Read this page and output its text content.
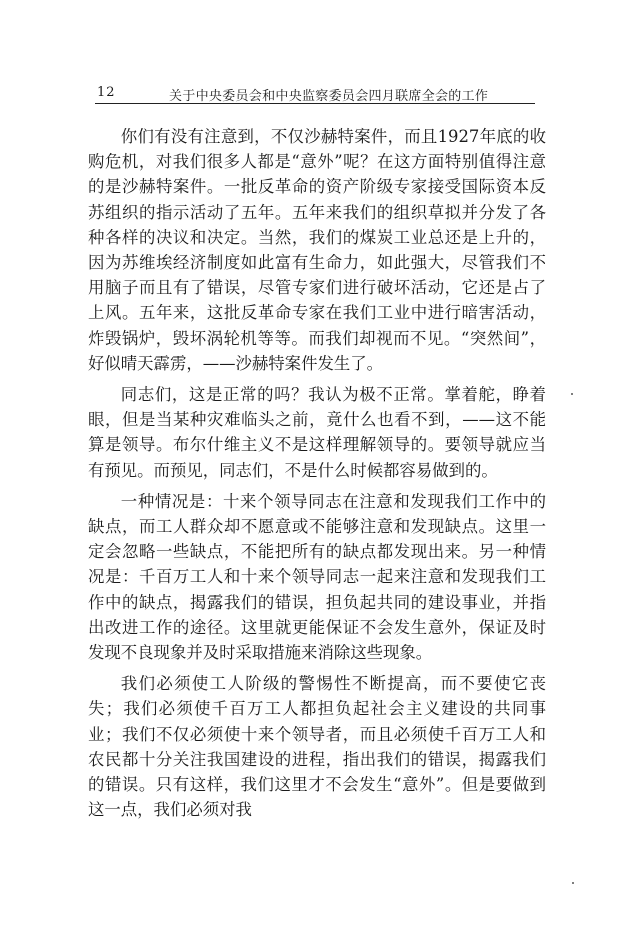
12	关于中央委员会和中央监察委员会四月联席全会的工作

你们有没有注意到，不仅沙赫特案件，而且1927年底的收购危机，对我们很多人都是“意外”呢？在这方面特别值得注意的是沙赫特案件。一批反革命的资产阶级专家接受国际资本反苏组织的指示活动了五年。五年来我们的组织草拟并分发了各种各样的决议和决定。当然，我们的煤炭工业总还是上升的，因为苏维埃经济制度如此富有生命力，如此强大，尽管我们不用脑子而且有了错误，尽管专家们进行破坏活动，它还是占了上风。五年来，这批反革命专家在我们工业中进行暗害活动，炸毁锅炉，毁坏涡轮机等等。而我们却视而不见。“突然间”，好似晴天霹雳，——沙赫特案件发生了。

同志们，这是正常的吗？我认为极不正常。掌着舵，睁着眼，但是当某种灾难临头之前，竟什么也看不到，——这不能算是领导。布尔什维主义不是这样理解领导的。要领导就应当有预见。而预见，同志们，不是什么时候都容易做到的。

一种情况是：十来个领导同志在注意和发现我们工作中的缺点，而工人群众却不愿意或不能够注意和发现缺点。这里一定会忽略一些缺点，不能把所有的缺点都发现出来。另一种情况是：千百万工人和十来个领导同志一起来注意和发现我们工作中的缺点，揭露我们的错误，担负起共同的建设事业，并指出改进工作的途径。这里就更能保证不会发生意外，保证及时发现不良现象并及时采取措施来消除这些现象。

我们必须使工人阶级的警惕性不断提高，而不要使它丧失；我们必须使千百万工人都担负起社会主义建设的共同事业；我们不仅必须使十来个领导者，而且必须使千百万工人和农民都十分关注我国建设的进程，指出我们的错误，揭露我们的错误。只有这样，我们这里才不会发生“意外”。但是要做到这一点，我们必须对我
